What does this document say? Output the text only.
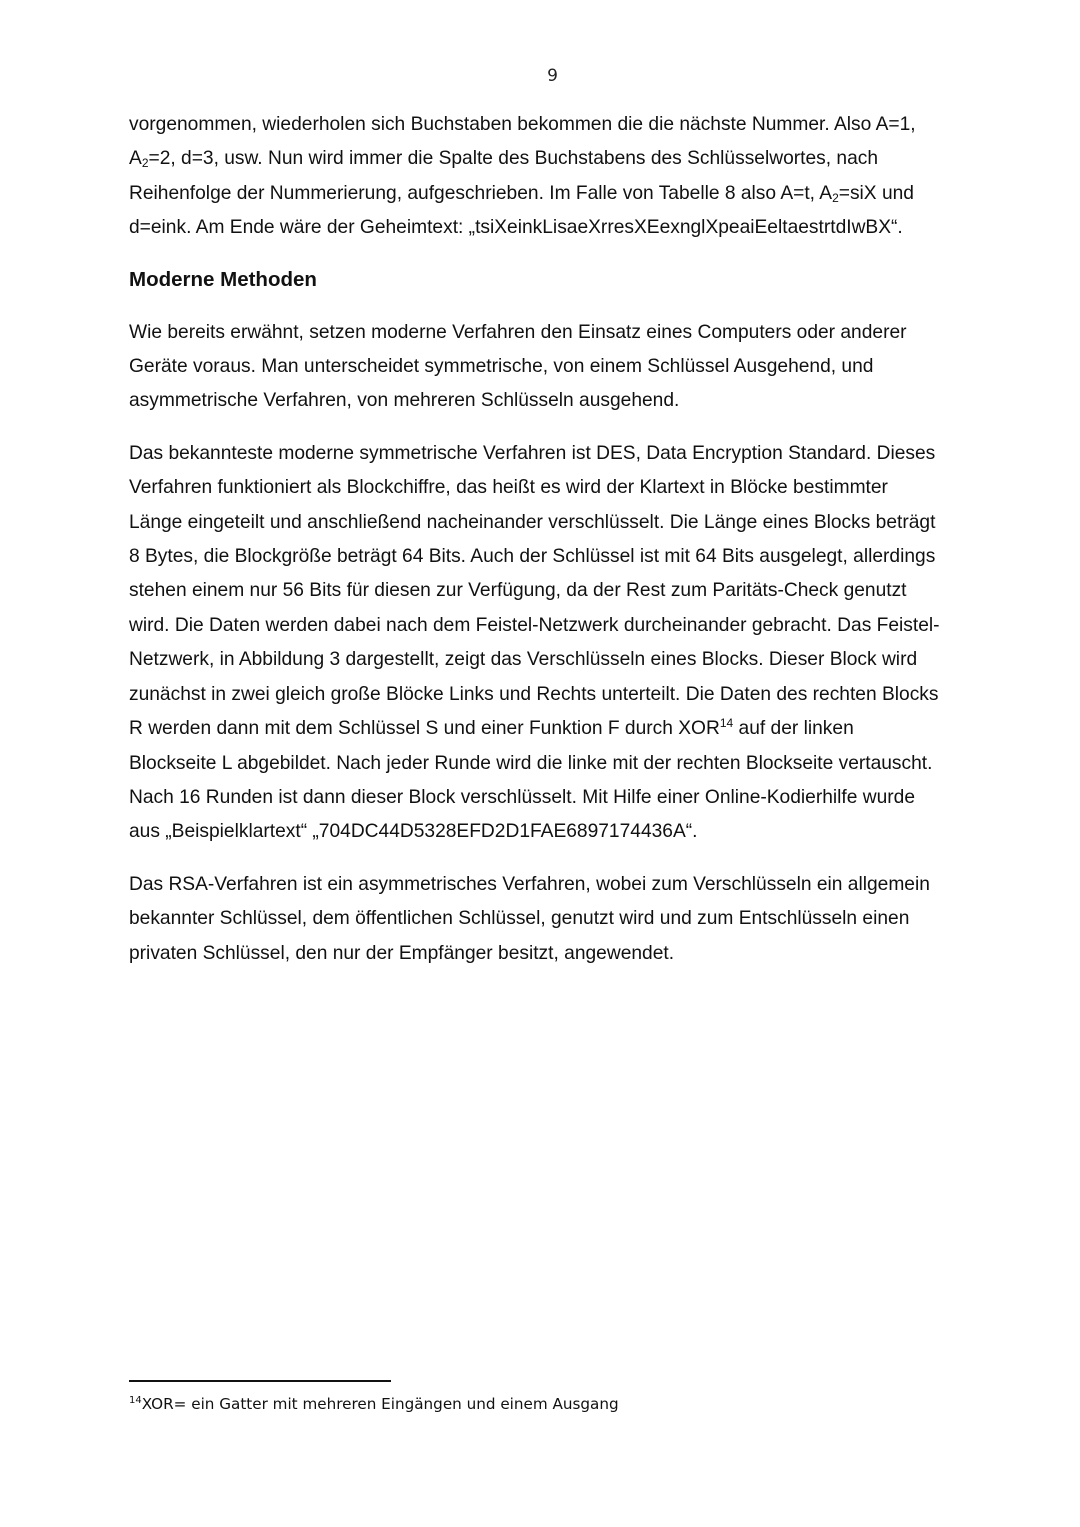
9

vorgenommen, wiederholen sich Buchstaben bekommen die die nächste Nummer. Also A=1,
$A_2=2$, d=3, usw. Nun wird immer die Spalte des Buchstabens des Schlüsselwortes, nach
Reihenfolge der Nummerierung, aufgeschrieben. Im Falle von Tabelle 8 also A=t, $A_2=siX$ und
d=eink. Am Ende wäre der Geheimtext: „tsiXeinkLisaeXrresXEexnglXpeaiEeltaestrtdIwBX“.

Moderne Methoden

Wie bereits erwähnt, setzen moderne Verfahren den Einsatz eines Computers oder anderer
Geräte voraus. Man unterscheidet symmetrische, von einem Schlüssel Ausgehend, und
asymmetrische Verfahren, von mehreren Schlüsseln ausgehend.

Das bekannteste moderne symmetrische Verfahren ist DES, Data Encryption Standard. Dieses
Verfahren funktioniert als Blockchiffre, das heißt es wird der Klartext in Blöcke bestimmter
Länge eingeteilt und anschließend nacheinander verschlüsselt. Die Länge eines Blocks beträgt
8 Bytes, die Blockgröße beträgt 64 Bits. Auch der Schlüssel ist mit 64 Bits ausgelegt, allerdings
stehen einem nur 56 Bits für diesen zur Verfügung, da der Rest zum Paritäts-Check genutzt
wird. Die Daten werden dabei nach dem Feistel-Netzwerk durcheinander gebracht. Das Feistel-
Netzwerk, in Abbildung 3 dargestellt, zeigt das Verschlüsseln eines Blocks. Dieser Block wird
zunächst in zwei gleich große Blöcke Links und Rechts unterteilt. Die Daten des rechten Blocks
R werden dann mit dem Schlüssel S und einer Funktion F durch XOR$^{14}$ auf der linken
Blockseite L abgebildet. Nach jeder Runde wird die linke mit der rechten Blockseite vertauscht.
Nach 16 Runden ist dann dieser Block verschlüsselt. Mit Hilfe einer Online-Kodierhilfe wurde
aus „Beispielklartext“ „704DC44D5328EFD2D1FAE6897174436A“.

Das RSA-Verfahren ist ein asymmetrisches Verfahren, wobei zum Verschlüsseln ein allgemein
bekannter Schlüssel, dem öffentlichen Schlüssel, genutzt wird und zum Entschlüsseln einen
privaten Schlüssel, den nur der Empfänger besitzt, angewendet.

$^{14}$XOR= ein Gatter mit mehreren Eingängen und einem Ausgang
